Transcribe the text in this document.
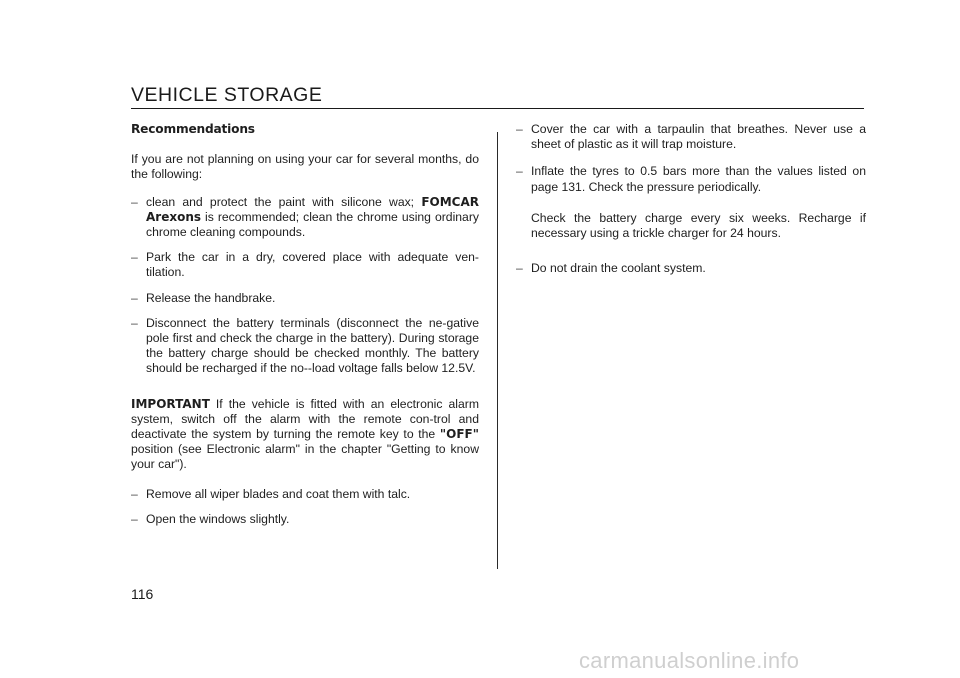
VEHICLE STORAGE
Recommendations
If you are not planning on using your car for several months, do the following:
– clean and protect the paint with silicone wax; FOMCAR Arexons is recommended; clean the chrome using ordinary chrome cleaning compounds.
– Park the car in a dry, covered place with adequate ven-tilation.
– Release the handbrake.
– Disconnect the battery terminals (disconnect the ne-gative pole first and check the charge in the battery). During storage the battery charge should be checked monthly. The battery should be recharged if the no--load voltage falls below 12.5V.
IMPORTANT If the vehicle is fitted with an electronic alarm system, switch off the alarm with the remote con-trol and deactivate the system by turning the remote key to the "OFF" position (see Electronic alarm" in the chapter "Getting to know your car").
– Remove all wiper blades and coat them with talc.
– Open the windows slightly.
– Cover the car with a tarpaulin that breathes. Never use a sheet of plastic as it will trap moisture.
– Inflate the tyres to 0.5 bars more than the values listed on page 131. Check the pressure periodically.
Check the battery charge every six weeks. Recharge if necessary using a trickle charger for 24 hours.
– Do not drain the coolant system.
116
carmanualsonline.info
